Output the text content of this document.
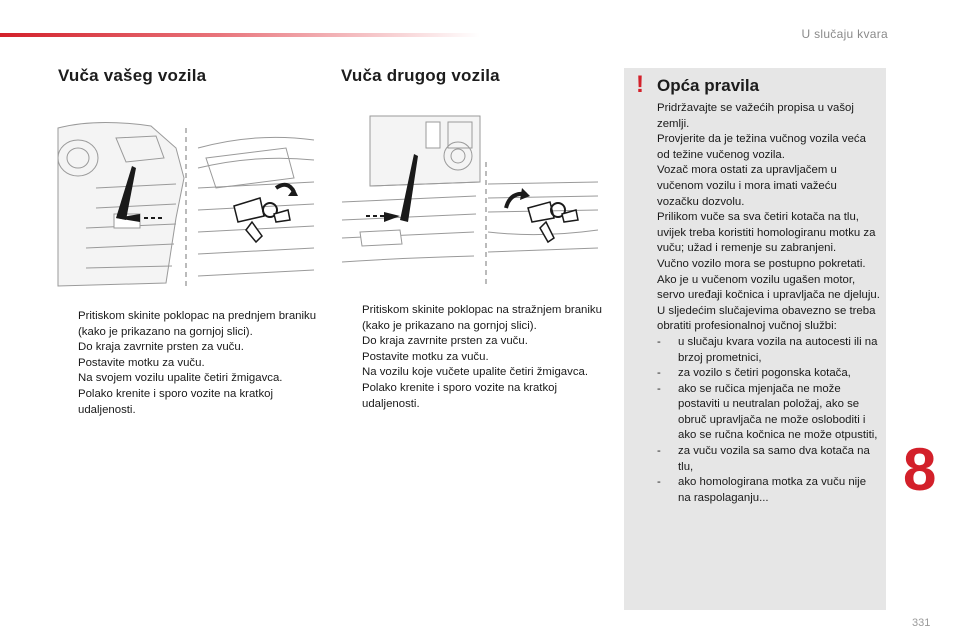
U slučaju kvara
Vuča vašeg vozila
Pritiskom skinite poklopac na prednjem braniku (kako je prikazano na gornjoj slici).
Do kraja zavrnite prsten za vuču.
Postavite motku za vuču.
Na svojem vozilu upalite četiri žmigavca.
Polako krenite i sporo vozite na kratkoj udaljenosti.
Vuča drugog vozila
Pritiskom skinite poklopac na stražnjem braniku (kako je prikazano na gornjoj slici).
Do kraja zavrnite prsten za vuču.
Postavite motku za vuču.
Na vozilu koje vučete upalite četiri žmigavca.
Polako krenite i sporo vozite na kratkoj udaljenosti.
! Opća pravila

Pridržavajte se važećih propisa u vašoj zemlji.

Provjerite da je težina vučnog vozila veća od težine vučenog vozila.

Vozač mora ostati za upravljačem u vučenom vozilu i mora imati važeću vozačku dozvolu.

Prilikom vuče sa sva četiri kotača na tlu, uvijek treba koristiti homologiranu motku za vuču; užad i remenje su zabranjeni.

Vučno vozilo mora se postupno pokretati.

Ako je u vučenom vozilu ugašen motor, servo uređaji kočnica i upravljača ne djeluju.

U sljedećim slučajevima obavezno se treba obratiti profesionalnoj vučnoj službi:

- u slučaju kvara vozila na autocesti ili na brzoj prometnici,
- za vozilo s četiri pogonska kotača,
- ako se ručica mjenjača ne može postaviti u neutralan položaj, ako se obruč upravljača ne može osloboditi i ako se ručna kočnica ne može otpustiti,
- za vuču vozila sa samo dva kotača na tlu,
- ako homologirana motka za vuču nije na raspolaganju...	8
331
